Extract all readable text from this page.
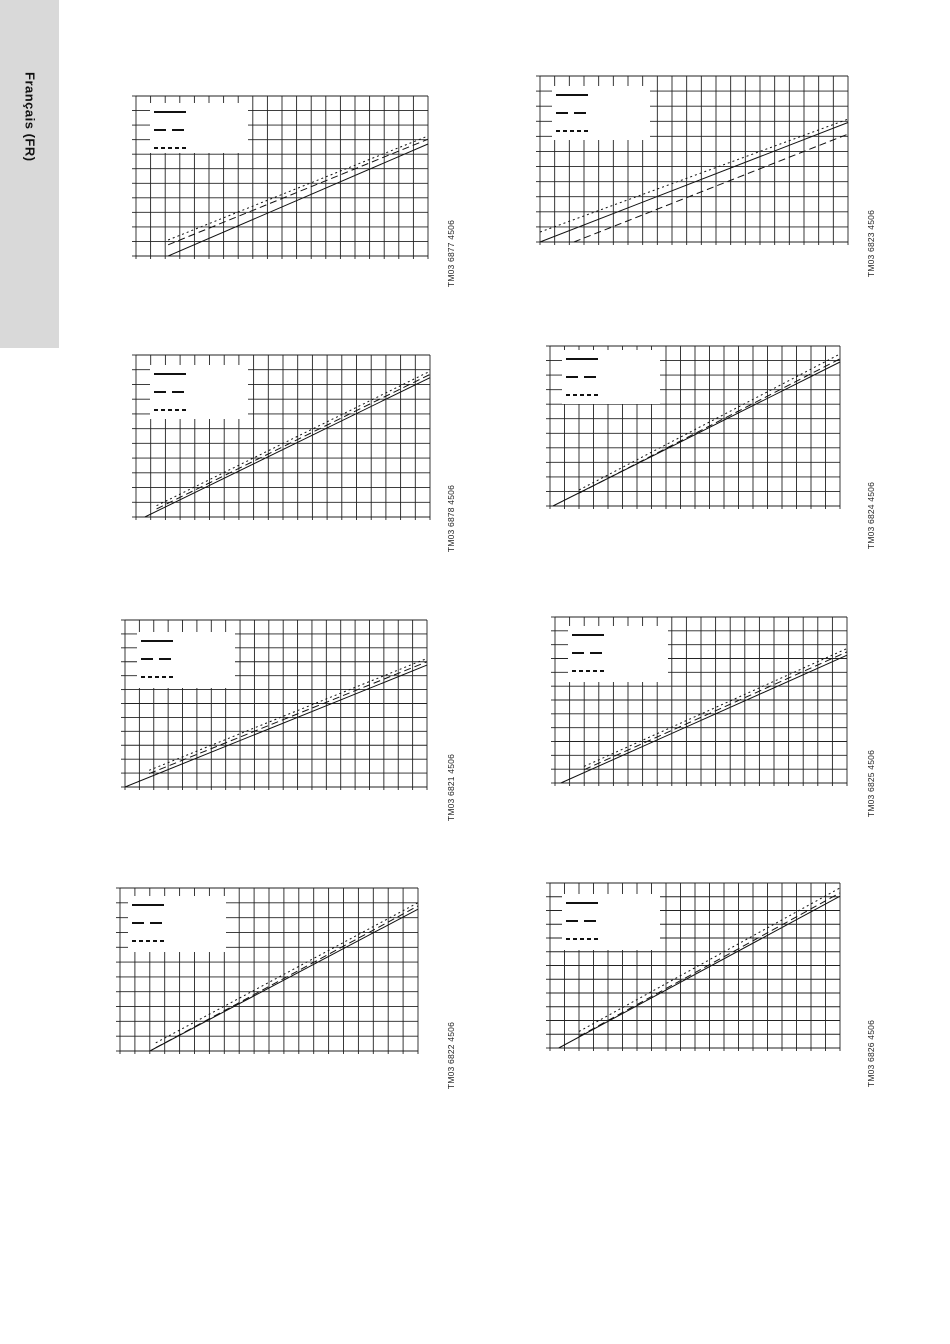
Français (FR)
TM03 6877 4506	TM03 6823 4506
TM03 6878 4506	TM03 6824 4506
TM03 6821 4506	TM03 6825 4506
TM03 6822 4506	TM03 6826 4506
